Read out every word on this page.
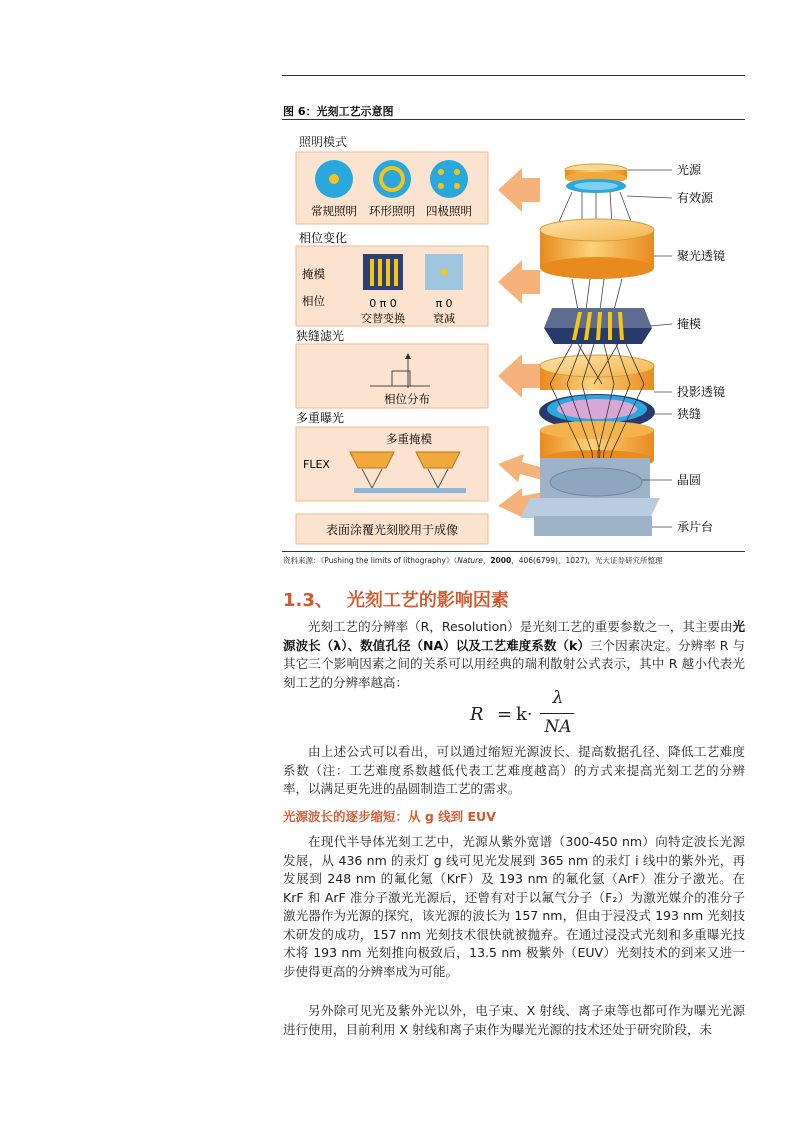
图 6：光刻工艺示意图
照明模式
常规照明 环形照明 四极照明
相位变化
掩模
相位	0 π 0
交替变换
π 0
衰减
狭缝滤光
相位分布
多重曝光
多重掩模
FLEX
表面涂覆光刻胶用于成像
光源
有效源
聚光透镜
掩模
投影透镜
狭缝
晶圆
承片台
资料来源：《Pushing the limits of lithography》（Nature，2000，406(6799)，1027)，光大证券研究所整理
1.3、 光刻工艺的影响因素
光刻工艺的分辨率（R，Resolution）是光刻工艺的重要参数之一，其主要由光源波长（λ）、数值孔径（NA）以及工艺难度系数（k）三个因素决定。分辨率 R 与其它三个影响因素之间的关系可以用经典的瑞利散射公式表示，其中 R 越小代表光刻工艺的分辨率越高：
R = k·
λ
NA
由上述公式可以看出，可以通过缩短光源波长、提高数据孔径、降低工艺难度系数（注：工艺难度系数越低代表工艺难度越高）的方式来提高光刻工艺的分辨率，以满足更先进的晶圆制造工艺的需求。
光源波长的逐步缩短：从 g 线到 EUV
在现代半导体光刻工艺中，光源从紫外宽谱（300-450 nm）向特定波长光源发展，从 436 nm 的汞灯 g 线可见光发展到 365 nm 的汞灯 i 线中的紫外光，再发展到 248 nm 的氟化氪（KrF）及 193 nm 的氟化氩（ArF）准分子激光。在 KrF 和 ArF 准分子激光光源后，还曾有对于以氟气分子（F₂）为激光媒介的准分子激光器作为光源的探究，该光源的波长为 157 nm，但由于浸没式 193 nm 光刻技术研发的成功，157 nm 光刻技术很快就被抛弃。在通过浸没式光刻和多重曝光技术将 193 nm 光刻推向极致后，13.5 nm 极紫外（EUV）光刻技术的到来又进一步使得更高的分辨率成为可能。
另外除可见光及紫外光以外，电子束、X 射线、离子束等也都可作为曝光光源进行使用，目前利用 X 射线和离子束作为曝光光源的技术还处于研究阶段，未
